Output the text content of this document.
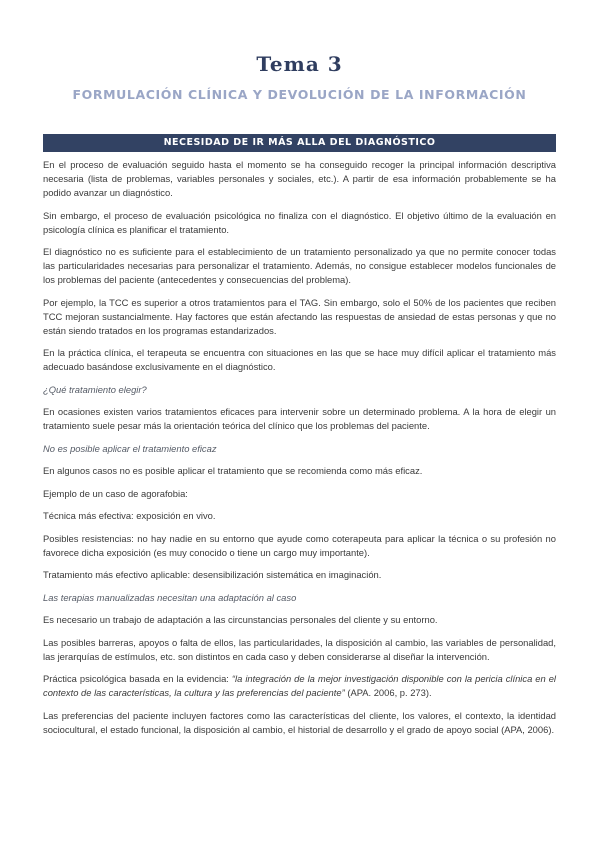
Tema 3
FORMULACIÓN CLÍNICA Y DEVOLUCIÓN DE LA INFORMACIÓN
NECESIDAD DE IR MÁS ALLA DEL DIAGNÓSTICO

En el proceso de evaluación seguido hasta el momento se ha conseguido recoger la principal información descriptiva necesaria (lista de problemas, variables personales y sociales, etc.). A partir de esa información probablemente se ha podido avanzar un diagnóstico.

Sin embargo, el proceso de evaluación psicológica no finaliza con el diagnóstico. El objetivo último de la evaluación en psicología clínica es planificar el tratamiento.

El diagnóstico no es suficiente para el establecimiento de un tratamiento personalizado ya que no permite conocer todas las particularidades necesarias para personalizar el tratamiento. Además, no consigue establecer modelos funcionales de los problemas del paciente (antecedentes y consecuencias del problema).

Por ejemplo, la TCC es superior a otros tratamientos para el TAG. Sin embargo, solo el 50% de los pacientes que reciben TCC mejoran sustancialmente. Hay factores que están afectando las respuestas de ansiedad de estas personas y que no están siendo tratados en los programas estandarizados.

En la práctica clínica, el terapeuta se encuentra con situaciones en las que se hace muy difícil aplicar el tratamiento más adecuado basándose exclusivamente en el diagnóstico.

¿Qué tratamiento elegir?

En ocasiones existen varios tratamientos eficaces para intervenir sobre un determinado problema. A la hora de elegir un tratamiento suele pesar más la orientación teórica del clínico que los problemas del paciente.

No es posible aplicar el tratamiento eficaz

En algunos casos no es posible aplicar el tratamiento que se recomienda como más eficaz.

Ejemplo de un caso de agorafobia:

Técnica más efectiva: exposición en vivo.

Posibles resistencias: no hay nadie en su entorno que ayude como coterapeuta para aplicar la técnica o su profesión no favorece dicha exposición (es muy conocido o tiene un cargo muy importante).

Tratamiento más efectivo aplicable: desensibilización sistemática en imaginación.

Las terapias manualizadas necesitan una adaptación al caso

Es necesario un trabajo de adaptación a las circunstancias personales del cliente y su entorno.

Las posibles barreras, apoyos o falta de ellos, las particularidades, la disposición al cambio, las variables de personalidad, las jerarquías de estímulos, etc. son distintos en cada caso y deben considerarse al diseñar la intervención.

Práctica psicológica basada en la evidencia: “la integración de la mejor investigación disponible con la pericia clínica en el contexto de las características, la cultura y las preferencias del paciente” (APA. 2006, p. 273).

Las preferencias del paciente incluyen factores como las características del cliente, los valores, el contexto, la identidad sociocultural, el estado funcional, la disposición al cambio, el historial de desarrollo y el grado de apoyo social (APA, 2006).
